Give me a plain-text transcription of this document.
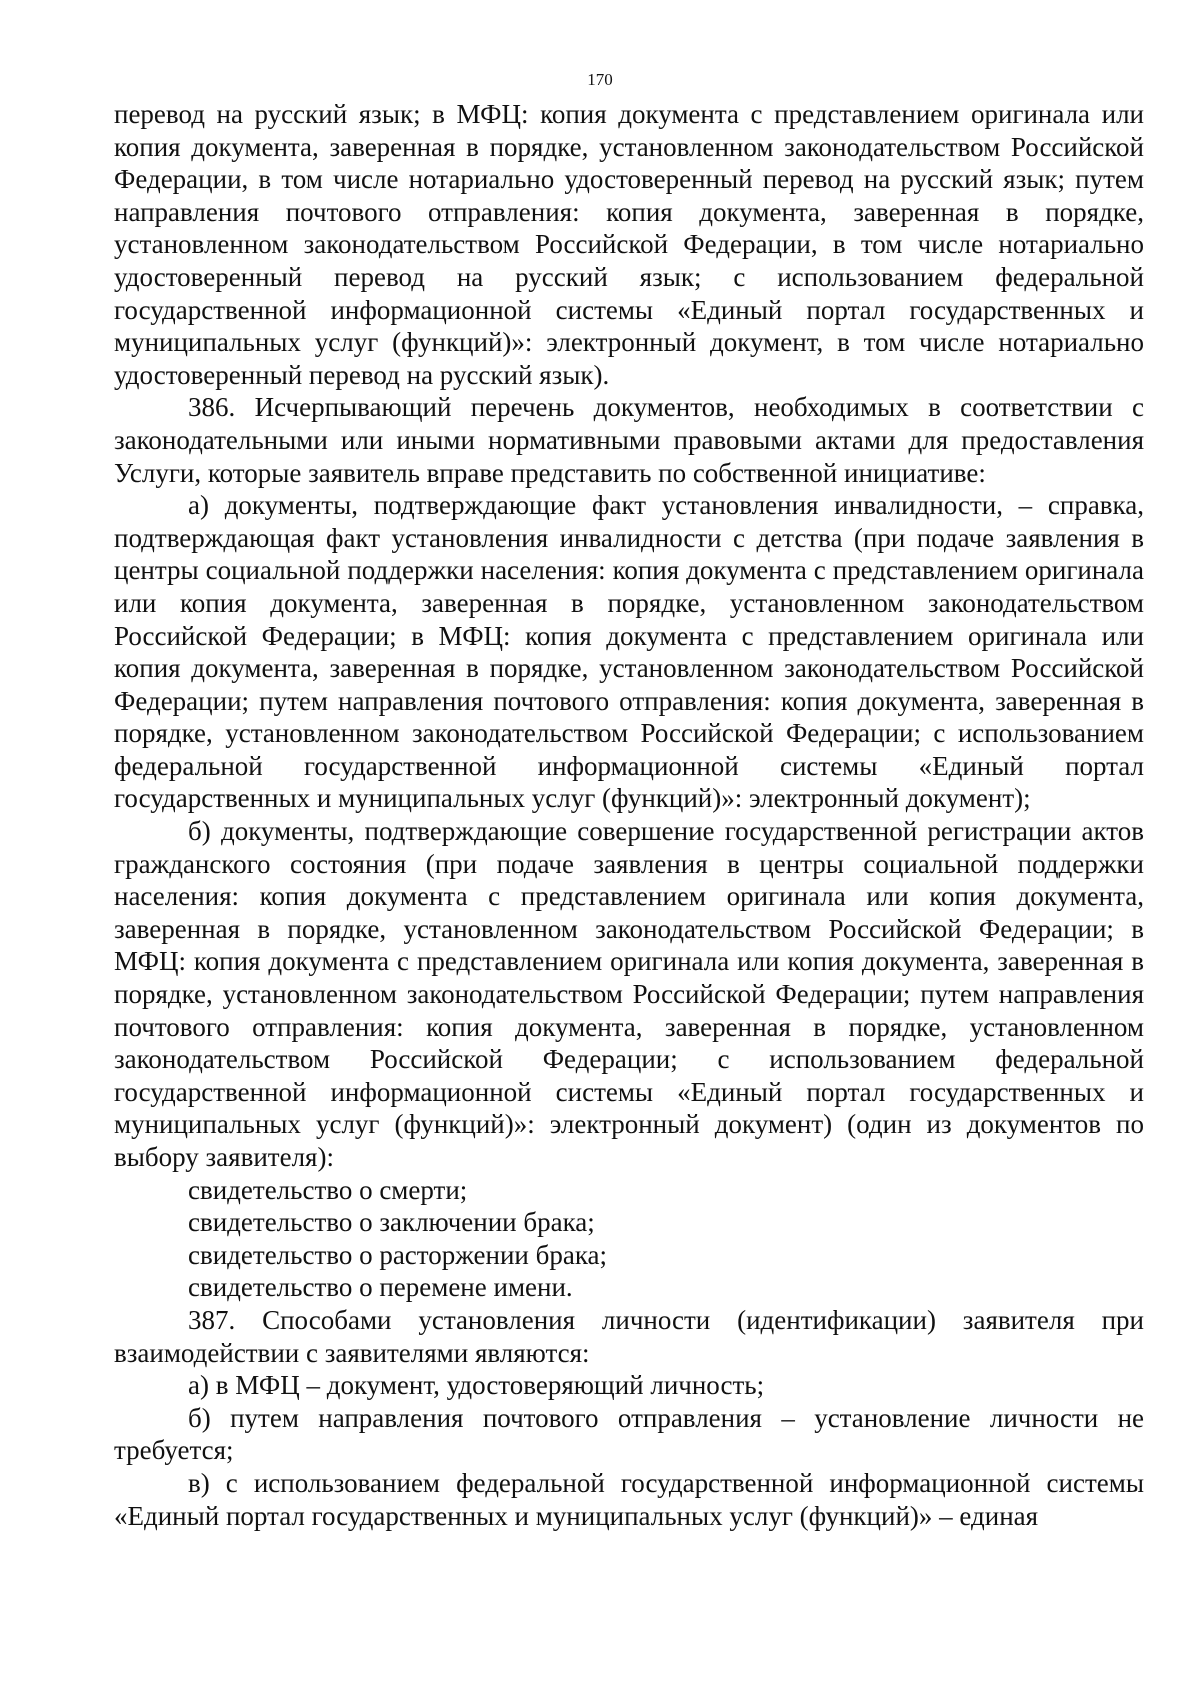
170

перевод на русский язык; в МФЦ: копия документа с представлением оригинала или копия документа, заверенная в порядке, установленном законодательством Российской Федерации, в том числе нотариально удостоверенный перевод на русский язык; путем направления почтового отправления: копия документа, заверенная в порядке, установленном законодательством Российской Федерации, в том числе нотариально удостоверенный перевод на русский язык; с использованием федеральной государственной информационной системы «Единый портал государственных и муниципальных услуг (функций)»: электронный документ, в том числе нотариально удостоверенный перевод на русский язык).

386. Исчерпывающий перечень документов, необходимых в соответствии с законодательными или иными нормативными правовыми актами для предоставления Услуги, которые заявитель вправе представить по собственной инициативе:

а) документы, подтверждающие факт установления инвалидности, – справка, подтверждающая факт установления инвалидности с детства (при подаче заявления в центры социальной поддержки населения: копия документа с представлением оригинала или копия документа, заверенная в порядке, установленном законодательством Российской Федерации; в МФЦ: копия документа с представлением оригинала или копия документа, заверенная в порядке, установленном законодательством Российской Федерации; путем направления почтового отправления: копия документа, заверенная в порядке, установленном законодательством Российской Федерации; с использованием федеральной государственной информационной системы «Единый портал государственных и муниципальных услуг (функций)»: электронный документ);

б) документы, подтверждающие совершение государственной регистрации актов гражданского состояния (при подаче заявления в центры социальной поддержки населения: копия документа с представлением оригинала или копия документа, заверенная в порядке, установленном законодательством Российской Федерации; в МФЦ: копия документа с представлением оригинала или копия документа, заверенная в порядке, установленном законодательством Российской Федерации; путем направления почтового отправления: копия документа, заверенная в порядке, установленном законодательством Российской Федерации; с использованием федеральной государственной информационной системы «Единый портал государственных и муниципальных услуг (функций)»: электронный документ) (один из документов по выбору заявителя):

свидетельство о смерти;

свидетельство о заключении брака;

свидетельство о расторжении брака;

свидетельство о перемене имени.

387. Способами установления личности (идентификации) заявителя при взаимодействии с заявителями являются:

а) в МФЦ – документ, удостоверяющий личность;

б) путем направления почтового отправления – установление личности не требуется;

в) с использованием федеральной государственной информационной системы «Единый портал государственных и муниципальных услуг (функций)» – единая
